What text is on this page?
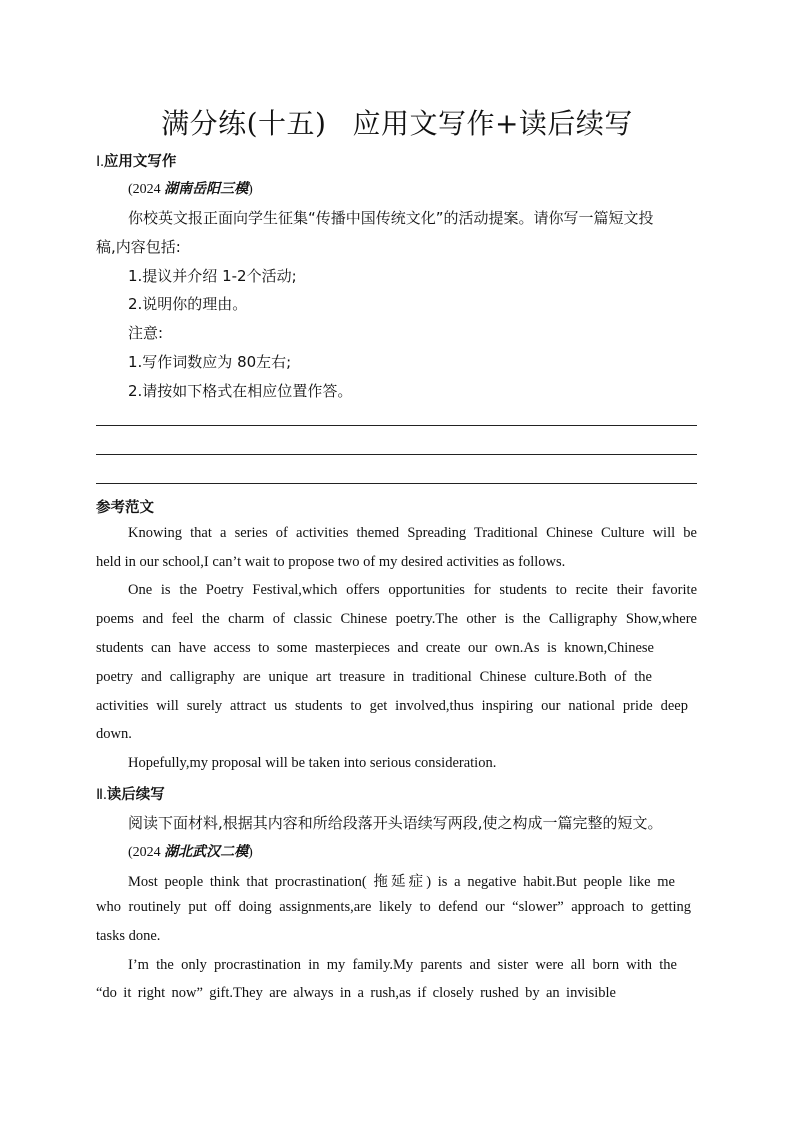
满分练(十五) 应用文写作+读后续写
Ⅰ.应用文写作
(2024 湖南岳阳三模)
你校英文报正面向学生征集“传播中国传统文化”的活动提案。请你写一篇短文投
稿,内容包括:
1.提议并介绍 1-2个活动;
2.说明你的理由。
注意:
1.写作词数应为 80左右;
2.请按如下格式在相应位置作答。
参考范文
Knowing that a series of activities themed Spreading Traditional Chinese Culture will be
held in our school,I can’t wait to propose two of my desired activities as follows.
One is the Poetry Festival,which offers opportunities for students to recite their favorite
poems and feel the charm of classic Chinese poetry.The other is the Calligraphy Show,where
students can have access to some masterpieces and create our own.As is known,Chinese
poetry and calligraphy are unique art treasure in traditional Chinese culture.Both of the
activities will surely attract us students to get involved,thus inspiring our national pride deep
down.
Hopefully,my proposal will be taken into serious consideration.
Ⅱ.读后续写
阅读下面材料,根据其内容和所给段落开头语续写两段,使之构成一篇完整的短文。
(2024 湖北武汉二模)
Most people think that procrastination( 拖延症) is a negative habit.But people like me
who routinely put off doing assignments,are likely to defend our “slower” approach to getting
tasks done.
I’m the only procrastination in my family.My parents and sister were all born with the
“do it right now” gift.They are always in a rush,as if closely rushed by an invisible
